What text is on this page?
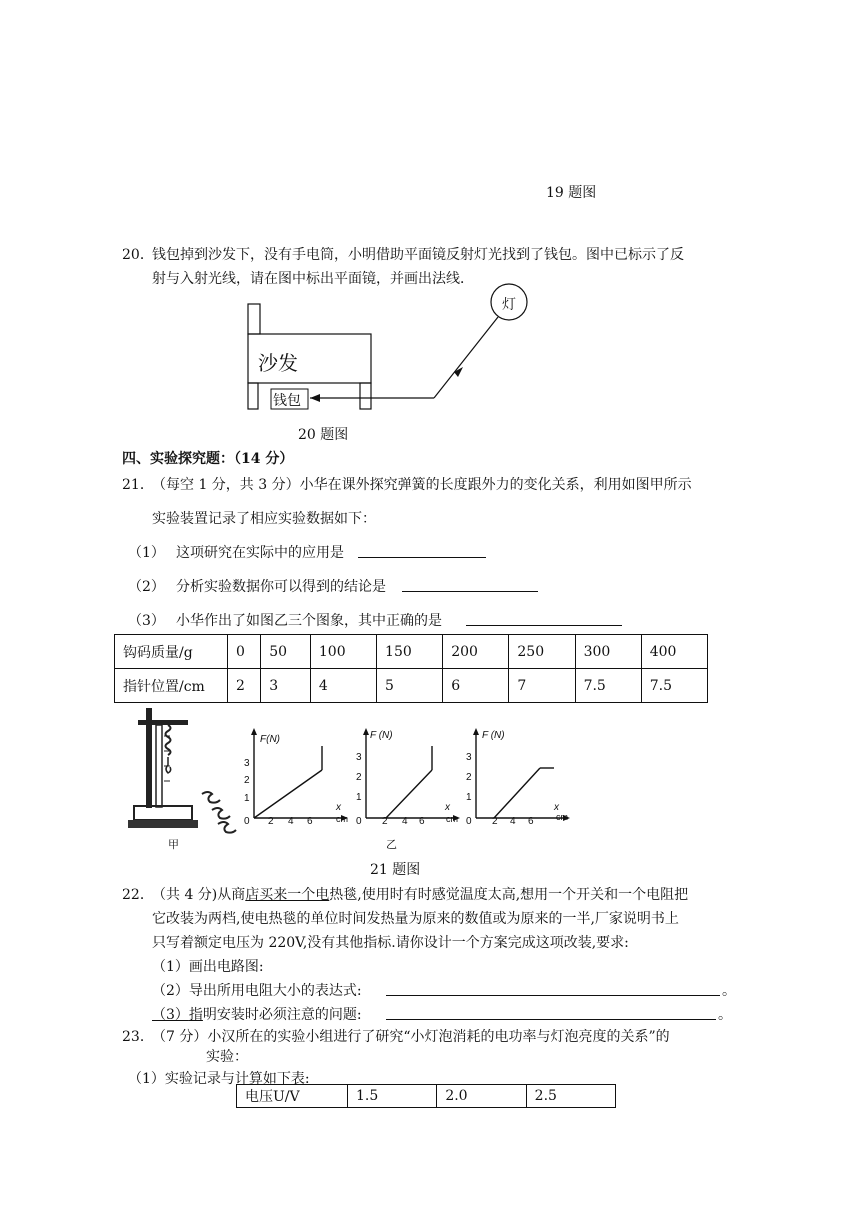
19 题图
20．
钱包掉到沙发下，没有手电筒，小明借助平面镜反射灯光找到了钱包。图中已标示了反
射与入射光线，请在图中标出平面镜，并画出法线．
灯
沙发
钱包
20 题图
四、实验探究题：（14 分）
21．
（每空 1 分，共 3 分）小华在课外探究弹簧的长度跟外力的变化关系，利用如图甲所示
实验装置记录了相应实验数据如下：
（1） 这项研究在实际中的应用是
（2） 分析实验数据你可以得到的结论是
（3） 小华作出了如图乙三个图象，其中正确的是
钩码质量/g	0	50	100	150	200	250	300	400
指针位置/cm	2	3	4	5	6	7	7.5	7.5
甲
F(N)
3
2
1
0 2 4 6
x
cm
F (N)
3
2
1
0 2 4 6
x
cm
乙
F (N)
3
2
1
0 2 4 6
x
cm
21 题图
22．
（共 4 分)从商店买来一个电热毯,使用时有时感觉温度太高,想用一个开关和一个电阻把
它改装为两档,使电热毯的单位时间发热量为原来的数值或为原来的一半,厂家说明书上
只写着额定电压为 220V,没有其他指标.请你设计一个方案完成这项改装,要求:
（1）画出电路图:
（2）导出所用电阻大小的表达式:	。
（3）指明安装时必须注意的问题:	。
23．
（7 分）小汉所在的实验小组进行了研究“小灯泡消耗的电功率与灯泡亮度的关系”的
实验：
（1）实验记录与计算如下表:
电压U/V	1.5	2.0	2.5
